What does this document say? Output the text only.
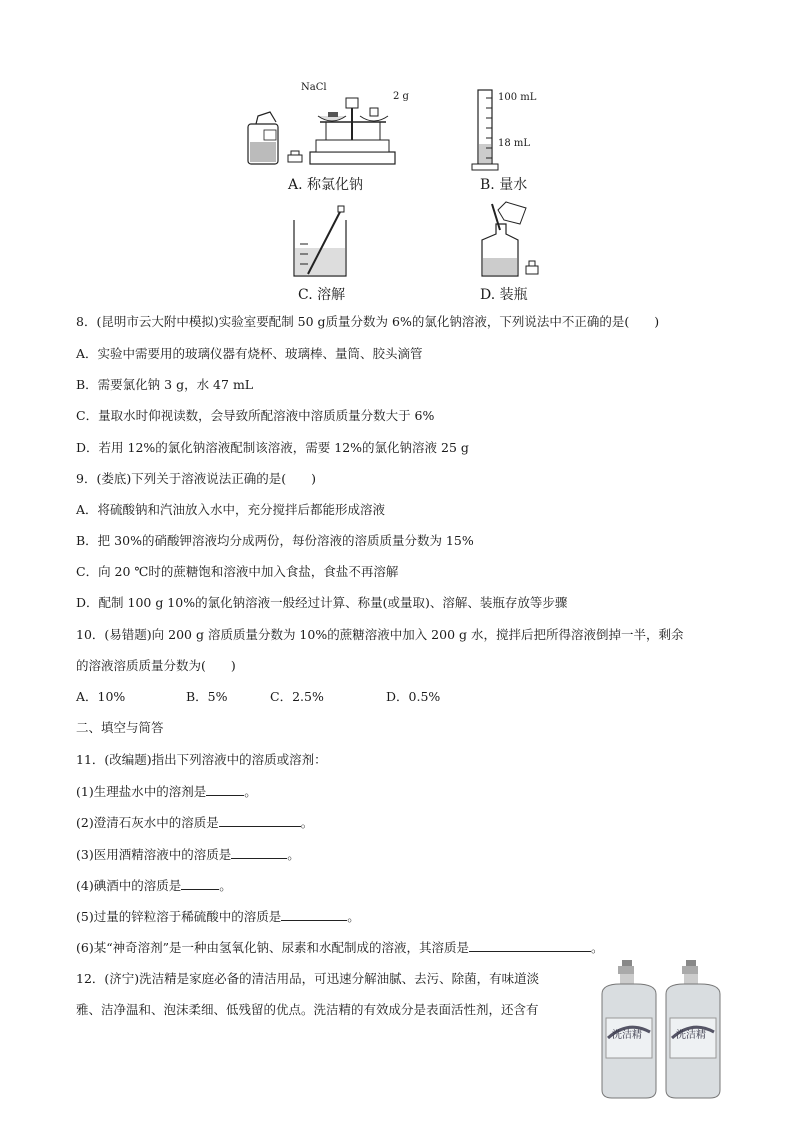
NaCl
2 g
A. 称氯化钠
100 mL
18 mL
B. 量水
C. 溶解	D. 装瓶
8．(昆明市云大附中模拟)实验室要配制 50 g质量分数为 6%的氯化钠溶液，下列说法中不正确的是(　　)
A．实验中需要用的玻璃仪器有烧杯、玻璃棒、量筒、胶头滴管
B．需要氯化钠 3 g，水 47 mL
C．量取水时仰视读数，会导致所配溶液中溶质质量分数大于 6%
D．若用 12%的氯化钠溶液配制该溶液，需要 12%的氯化钠溶液 25 g
9．(娄底)下列关于溶液说法正确的是(　　)
A．将硫酸钠和汽油放入水中，充分搅拌后都能形成溶液
B．把 30%的硝酸钾溶液均分成两份，每份溶液的溶质质量分数为 15%
C．向 20 ℃时的蔗糖饱和溶液中加入食盐，食盐不再溶解
D．配制 100 g 10%的氯化钠溶液一般经过计算、称量(或量取)、溶解、装瓶存放等步骤
10．(易错题)向 200 g 溶质质量分数为 10%的蔗糖溶液中加入 200 g 水，搅拌后把所得溶液倒掉一半，剩余
的溶液溶质质量分数为(　　)
A．10%	B．5%	C．2.5%	D．0.5%
二、填空与简答
11．(改编题)指出下列溶液中的溶质或溶剂：
(1)生理盐水中的溶剂是	。
(2)澄清石灰水中的溶质是	。
(3)医用酒精溶液中的溶质是	。
(4)碘酒中的溶质是	。
(5)过量的锌粒溶于稀硫酸中的溶质是	。
(6)某“神奇溶剂”是一种由氢氧化钠、尿素和水配制成的溶液，其溶质是	。
12．(济宁)洗洁精是家庭必备的清洁用品，可迅速分解油腻、去污、除菌，有味道淡
雅、洁净温和、泡沫柔细、低残留的优点。洗洁精的有效成分是表面活性剂，还含有
洗洁精	洗洁精
